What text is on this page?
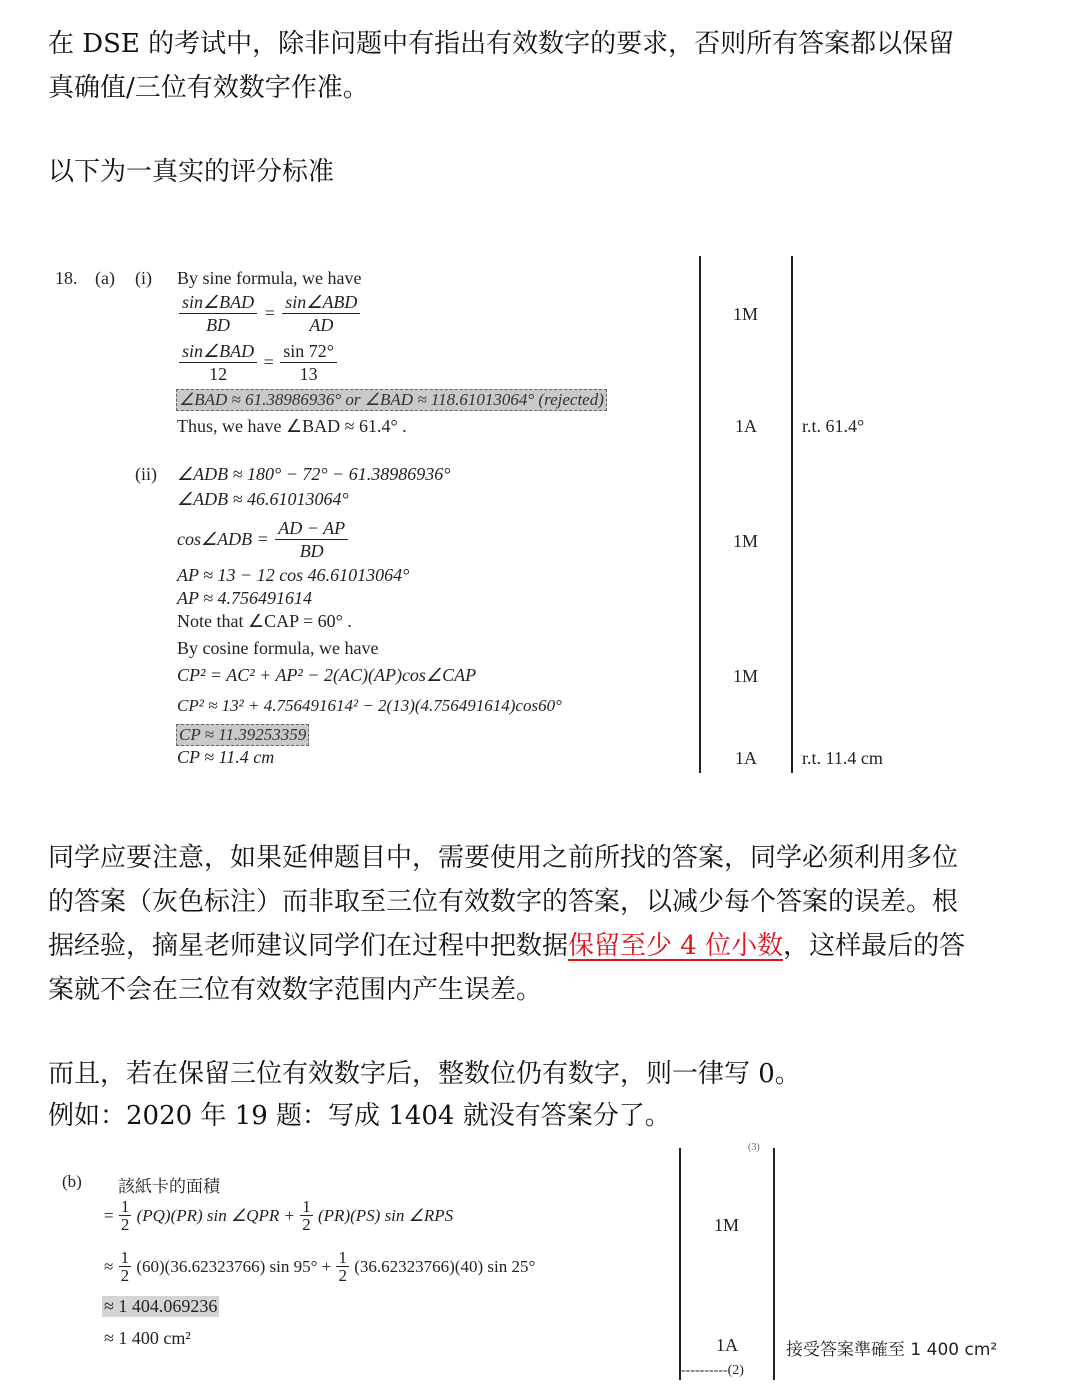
在 DSE 的考试中，除非问题中有指出有效数字的要求，否则所有答案都以保留
真确值/三位有效数字作准。
以下为一真实的评分标准
18. (a) (i) By sine formula, we have
$\frac{\text{sin∠BAD}}{BD} = \frac{\text{sin∠ABD}}{AD}$
$\frac{\text{sin∠BAD}}{12} = \frac{\sin 72^\circ}{13}$
∠BAD ≈ 61.38986936° or ∠BAD ≈ 118.61013064° (rejected)
Thus, we have ∠BAD ≈ 61.4° .
(ii) ∠ADB ≈ 180° − 72° − 61.38986936°
∠ADB ≈ 46.61013064°
cos∠ADB = $\frac{AD - AP}{BD}$
AP ≈ 13 − 12 cos 46.61013064°
AP ≈ 4.756491614
Note that ∠CAP = 60° .
By cosine formula, we have
CP² = AC² + AP² − 2(AC)(AP)cos∠CAP
CP² ≈ 13² + 4.756491614² − 2(13)(4.756491614)cos60°
CP ≈ 11.39253359
CP ≈ 11.4 cm
1M
1A
1M
1M
1A
r.t. 61.4°
r.t. 11.4 cm
同学应要注意，如果延伸题目中，需要使用之前所找的答案，同学必须利用多位
的答案（灰色标注）而非取至三位有效数字的答案，以减少每个答案的误差。根
据经验，摘星老师建议同学们在过程中把数据保留至少 4 位小数，这样最后的答
案就不会在三位有效数字范围内产生误差。
而且，若在保留三位有效数字后，整数位仍有数字，则一律写 0。
例如：2020 年 19 题：写成 1404 就没有答案分了。
(b) 該紙卡的面積
= $\frac{1}{2} (PQ)(PR)$ sin ∠QPR + $\frac{1}{2} (PR)(PS)$ sin ∠RPS
≈ $\frac{1}{2} (60)(36.62323766)$ $\sin 95^\circ + \frac{1}{2} (36.62323766)(40)$ sin 25°
≈ 1 404.069236
≈ 1 400 cm²
(3)
1M
1A	接受答案準確至 1 400 cm²
----------(2)
